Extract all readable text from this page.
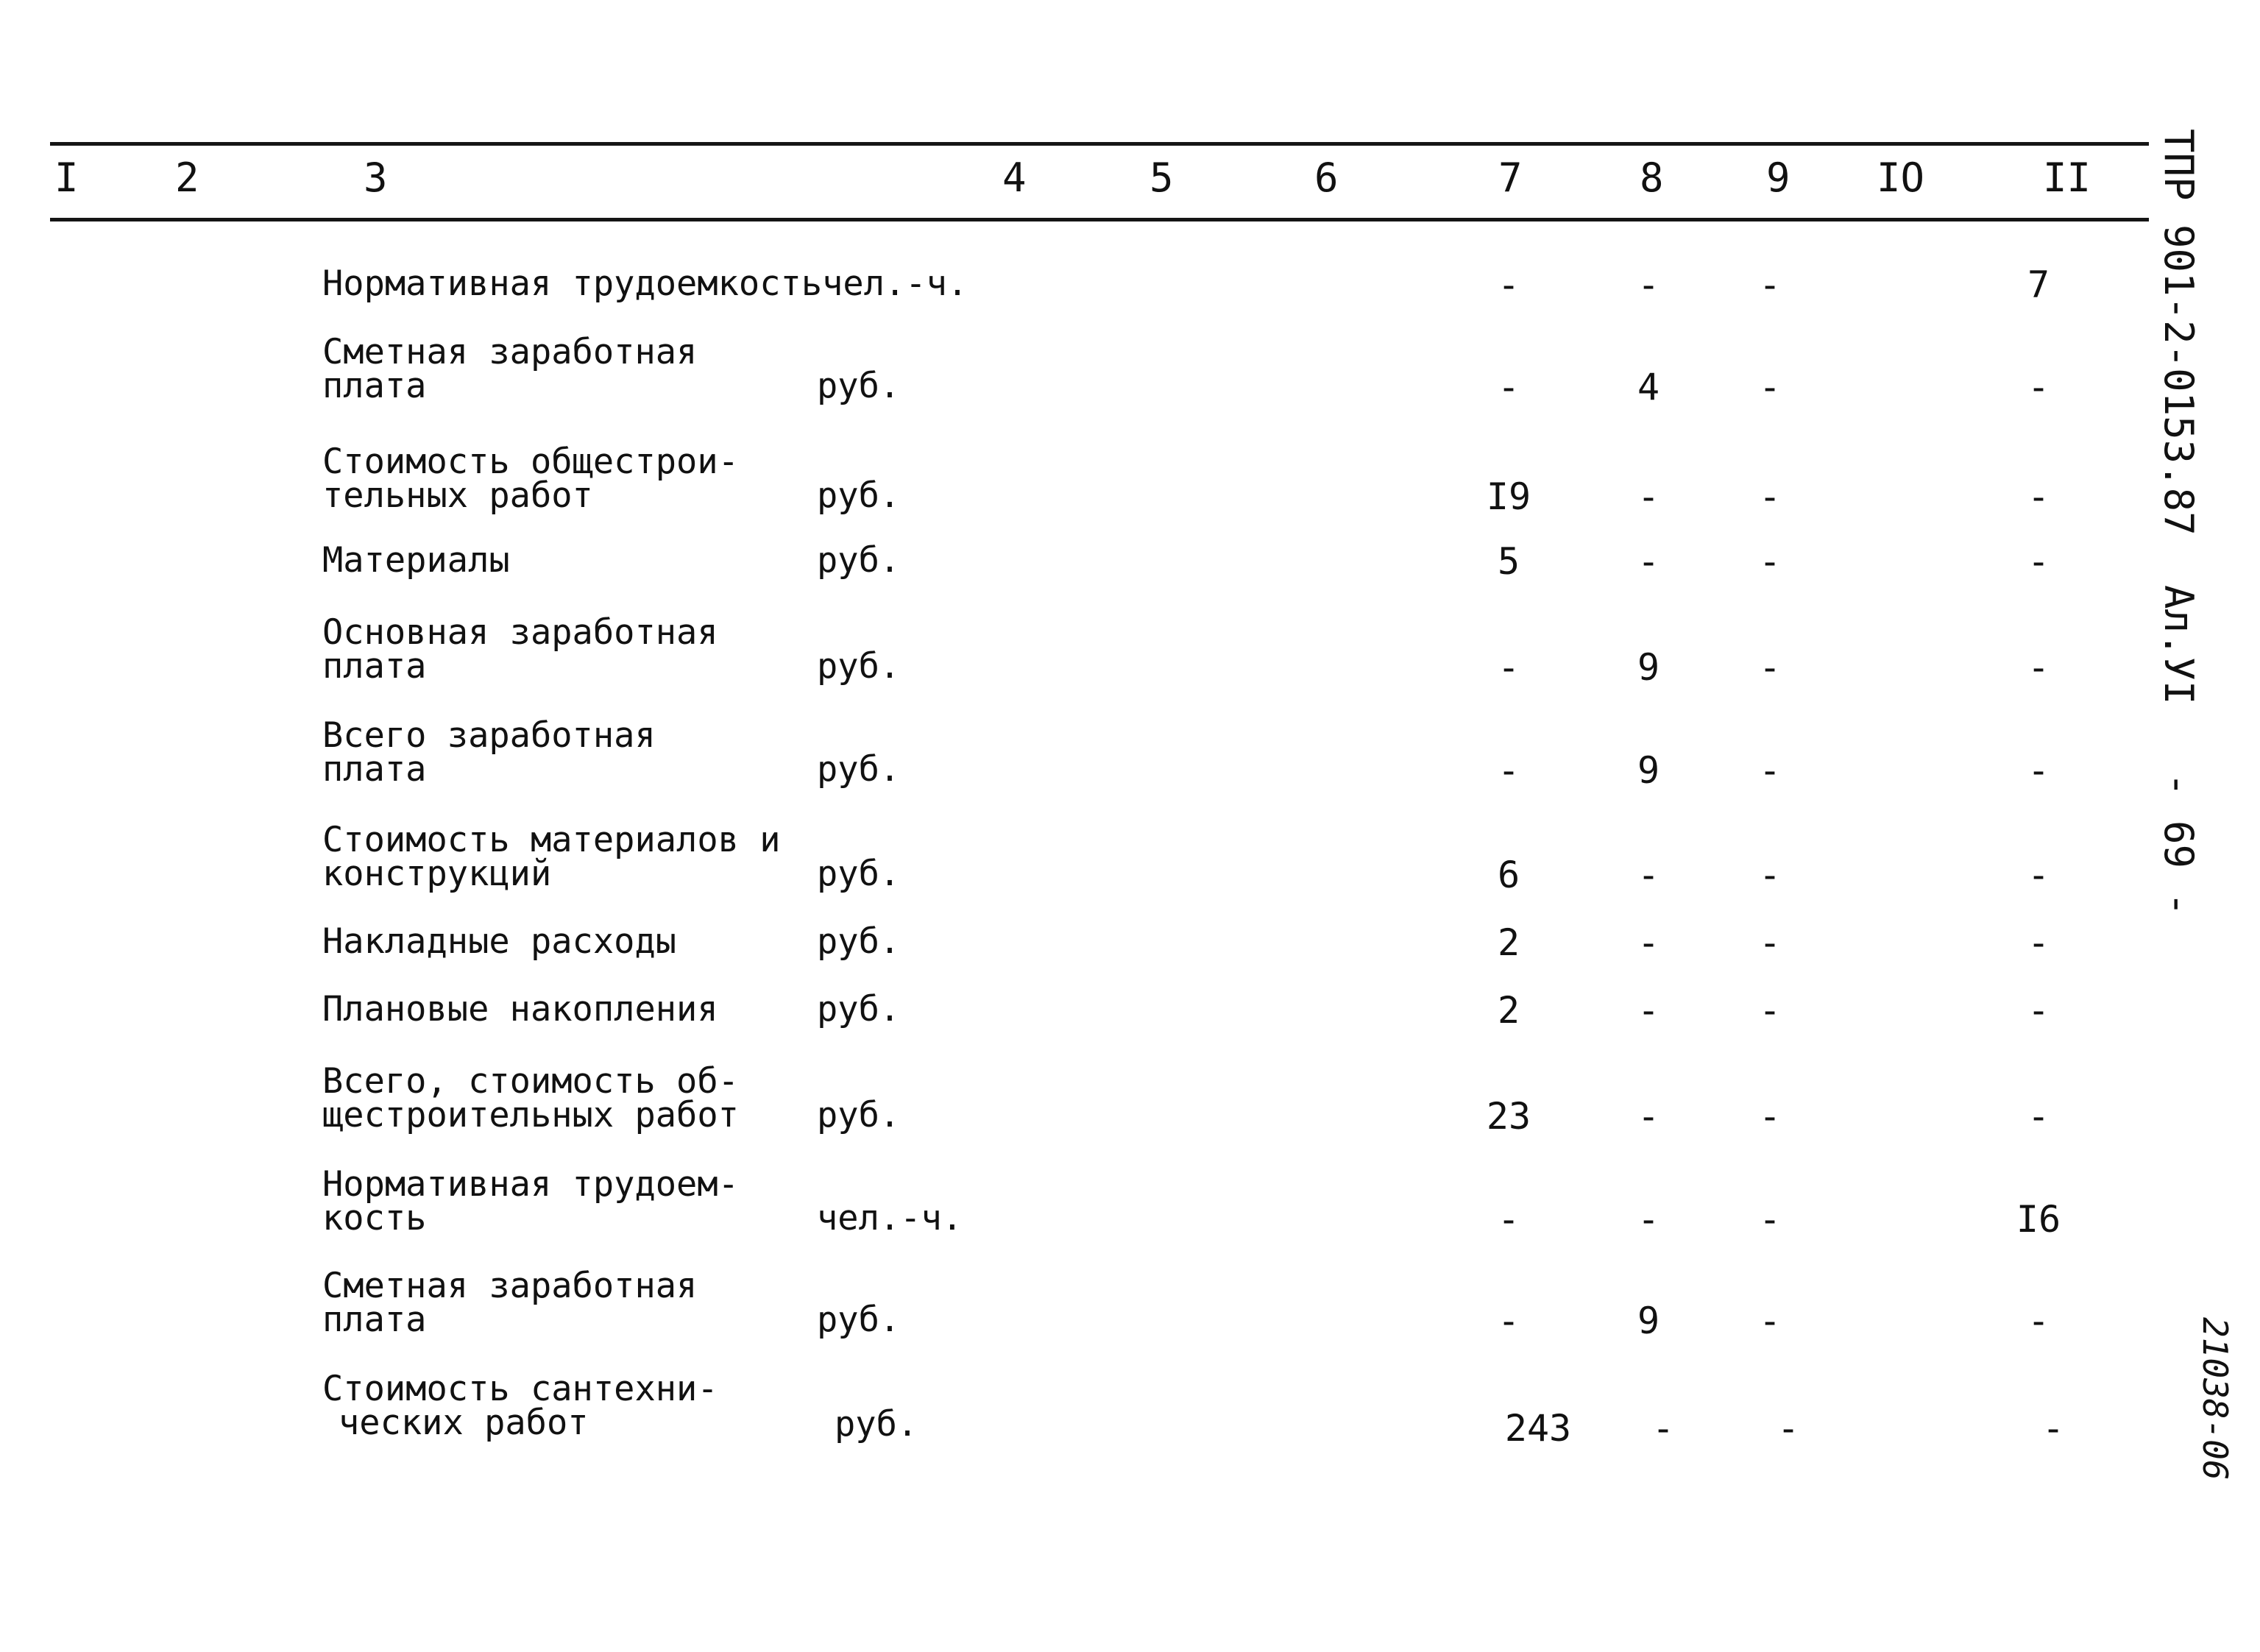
I 2	3	4	5	6	7	8	9 IO	II
Нормативная трудоемкостьчел.-ч.	-	-	-	7
Сметная заработная
плата	руб.	-	4	-	-
Стоимость общестрои-
тельных работ	руб.	I9	-	-	-
Материалы	руб.	5	-	-	-
Основная заработная
плата	руб.	-	9	-	-
Всего заработная
плата	руб.	-	9	-	-
Стоимость материалов и
конструкций	руб.	6	-	-	-
Накладные расходы	руб.	2	-	-	-
Плановые накопления	руб.	2	-	-	-
Всего, стоимость об-
щестроительных работ руб.	23	-	-	-
Нормативная трудоем-
кость	чел.-ч.	-	-	-	I6
Сметная заработная
плата	руб.	-	9	-	-
Стоимость сантехни-
ческих работ	руб.	243	-	-	-
ТПР 901-2-0153.87
Ал.УI
- 69 -
21038-06
